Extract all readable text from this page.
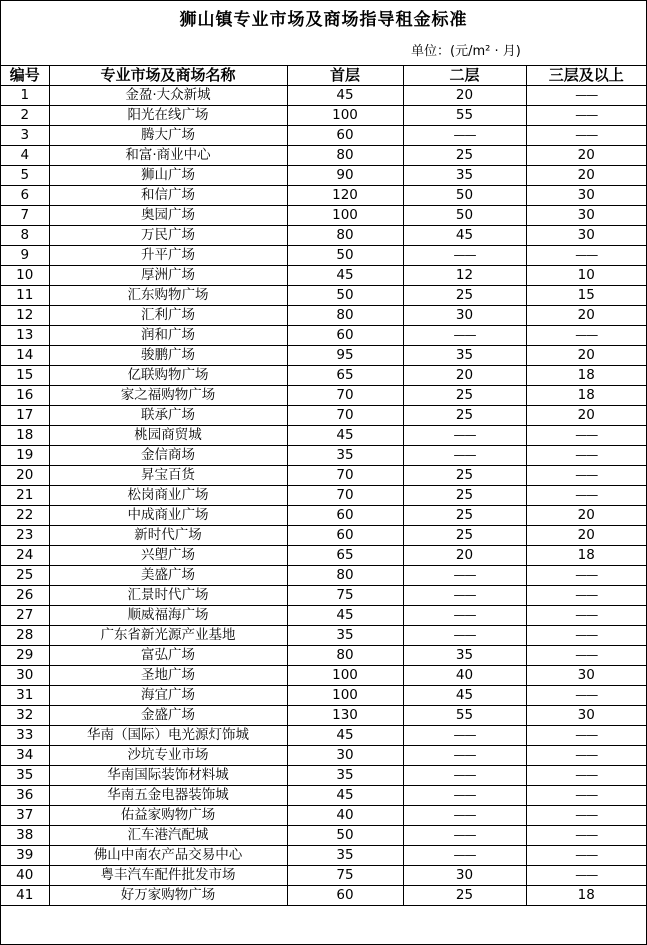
狮山镇专业市场及商场指导租金标准
单位：(元/m² · 月)
编号	专业市场及商场名称	首层	二层	三层及以上
1	金盈·大众新城	45	20	——
2	阳光在线广场	100	55	——
3	腾大广场	60	——	——
4	和富·商业中心	80	25	20
5	狮山广场	90	35	20
6	和信广场	120	50	30
7	奥园广场	100	50	30
8	万民广场	80	45	30
9	升平广场	50	——	——
10	厚洲广场	45	12	10
11	汇东购物广场	50	25	15
12	汇利广场	80	30	20
13	润和广场	60	——	——
14	骏鹏广场	95	35	20
15	亿联购物广场	65	20	18
16	家之福购物广场	70	25	18
17	联承广场	70	25	20
18	桃园商贸城	45	——	——
19	金信商场	35	——	——
20	昇宝百货	70	25	——
21	松岗商业广场	70	25	——
22	中成商业广场	60	25	20
23	新时代广场	60	25	20
24	兴塱广场	65	20	18
25	美盛广场	80	——	——
26	汇景时代广场	75	——	——
27	顺威福海广场	45	——	——
28	广东省新光源产业基地	35	——	——
29	富弘广场	80	35	——
30	圣地广场	100	40	30
31	海宜广场	100	45	——
32	金盛广场	130	55	30
33	华南（国际）电光源灯饰城	45	——	——
34	沙坑专业市场	30	——	——
35	华南国际装饰材料城	35	——	——
36	华南五金电器装饰城	45	——	——
37	佑益家购物广场	40	——	——
38	汇车港汽配城	50	——	——
39	佛山中南农产品交易中心	35	——	——
40	粤丰汽车配件批发市场	75	30	——
41	好万家购物广场	60	25	18
